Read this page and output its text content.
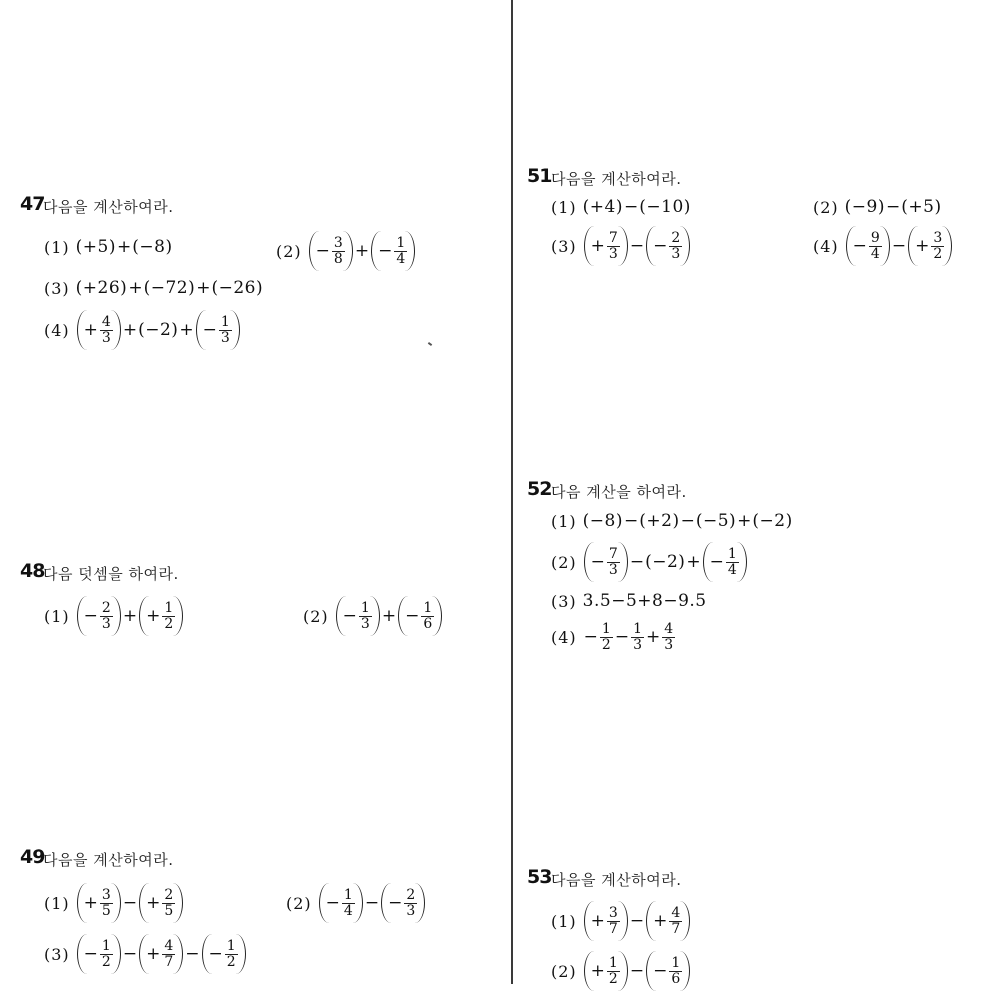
47
다음을 계산하여라.
(1) (+5) + (−8)	$(2) - \frac{3}{8}$ + − $\frac{1}{4}$
(3) (+26) + (−72) + (−26)
$(4) + \frac{4}{3} + (-2)$ + − $\frac{1}{3}$
48
다음 덧셈을 하여라.
$(1) - \frac{2}{3}$ + + $\frac{1}{2}$	$(2) - \frac{1}{3}$ + − $\frac{1}{6}$
49
다음을 계산하여라.
$(1) + \frac{3}{5}$ − + $\frac{2}{5}$	$(2) - \frac{1}{4}$ − − $\frac{2}{3}$
$(3) - \frac{1}{2}$ − + $\frac{4}{7}$ − − $\frac{1}{2}$
51 다음을 계산하여라.
(1) (+4) − (−10)	(2) (−9) − (+5)
$(3) + \frac{7}{3}$ − − $\frac{2}{3}$	$(4) - \frac{9}{4}$ − + $\frac{3}{2}$
52 다음 계산을 하여라.
(1) (−8) − (+2) − (−5) + (−2)
$(2) - \frac{7}{3} - (-2)$ + − $\frac{1}{4}$
(3) 3.5−5+8−9.5
$(4) - \frac{1}{2} - \frac{1}{3} + \frac{4}{3}$
53 다음을 계산하여라.
$(1) + \frac{3}{7}$ − + $\frac{4}{7}$
$(2) + \frac{1}{2}$ − − $\frac{1}{6}$
